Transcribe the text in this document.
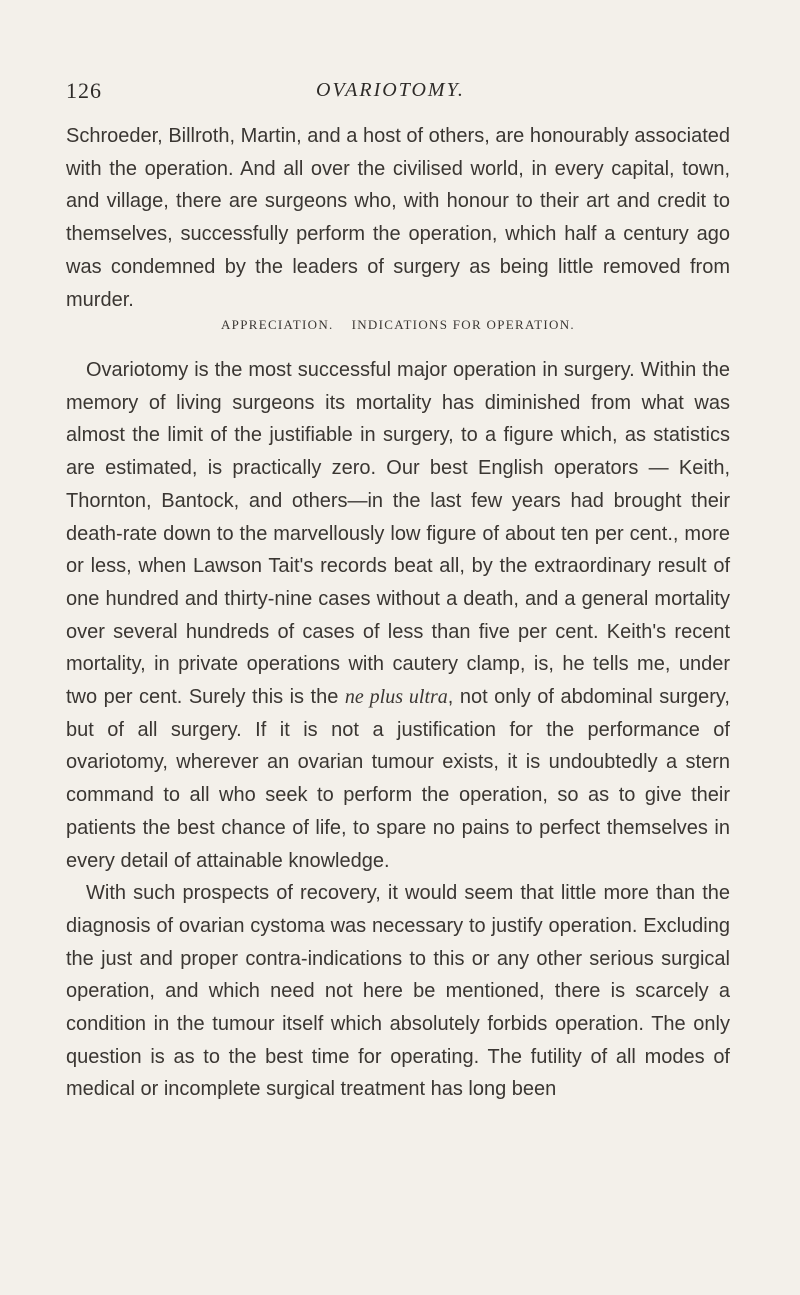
126	OVARIOTOMY.

Schroeder, Billroth, Martin, and a host of others, are honourably associated with the operation. And all over the civilised world, in every capital, town, and village, there are surgeons who, with honour to their art and credit to themselves, successfully perform the operation, which half a century ago was condemned by the leaders of surgery as being little removed from murder.

APPRECIATION. INDICATIONS FOR OPERATION.

Ovariotomy is the most successful major operation in surgery. Within the memory of living surgeons its mortality has diminished from what was almost the limit of the justifiable in surgery, to a figure which, as statistics are estimated, is practically zero. Our best English operators — Keith, Thornton, Bantock, and others—in the last few years had brought their death-rate down to the marvellously low figure of about ten per cent., more or less, when Lawson Tait's records beat all, by the extraordinary result of one hundred and thirty-nine cases without a death, and a general mortality over several hundreds of cases of less than five per cent. Keith's recent mortality, in private operations with cautery clamp, is, he tells me, under two per cent. Surely this is the ne plus ultra, not only of abdominal surgery, but of all surgery. If it is not a justification for the performance of ovariotomy, wherever an ovarian tumour exists, it is undoubtedly a stern command to all who seek to perform the operation, so as to give their patients the best chance of life, to spare no pains to perfect themselves in every detail of attainable knowledge.

With such prospects of recovery, it would seem that little more than the diagnosis of ovarian cystoma was necessary to justify operation. Excluding the just and proper contra-indications to this or any other serious surgical operation, and which need not here be mentioned, there is scarcely a condition in the tumour itself which absolutely forbids operation. The only question is as to the best time for operating. The futility of all modes of medical or incomplete surgical treatment has long been
